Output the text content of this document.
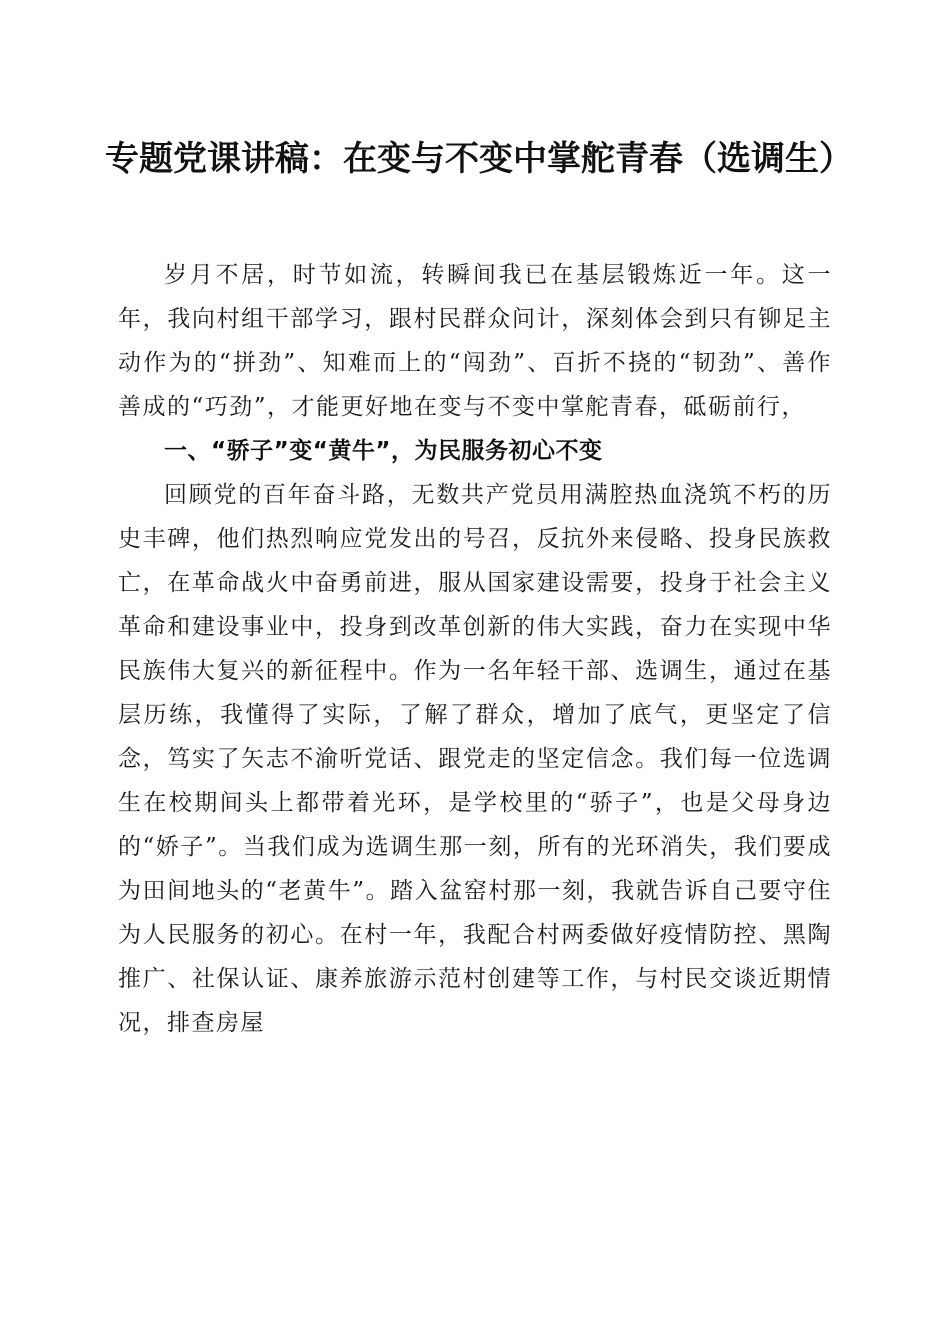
专题党课讲稿：在变与不变中掌舵青春（选调生）

岁月不居，时节如流，转瞬间我已在基层锻炼近一年。这一年，我向村组干部学习，跟村民群众问计，深刻体会到只有铆足主动作为的“拼劲”、知难而上的“闯劲”、百折不挠的“韧劲”、善作善成的“巧劲”，才能更好地在变与不变中掌舵青春，砥砺前行，

一、“骄子”变“黄牛”，为民服务初心不变

回顾党的百年奋斗路，无数共产党员用满腔热血浇筑不朽的历史丰碑，他们热烈响应党发出的号召，反抗外来侵略、投身民族救亡，在革命战火中奋勇前进，服从国家建设需要，投身于社会主义革命和建设事业中，投身到改革创新的伟大实践，奋力在实现中华民族伟大复兴的新征程中。作为一名年轻干部、选调生，通过在基层历练，我懂得了实际，了解了群众，增加了底气，更坚定了信念，笃实了矢志不渝听党话、跟党走的坚定信念。我们每一位选调生在校期间头上都带着光环，是学校里的“骄子”，也是父母身边的“娇子”。当我们成为选调生那一刻，所有的光环消失，我们要成为田间地头的“老黄牛”。踏入盆窑村那一刻，我就告诉自己要守住为人民服务的初心。在村一年，我配合村两委做好疫情防控、黑陶推广、社保认证、康养旅游示范村创建等工作，与村民交谈近期情况，排查房屋
